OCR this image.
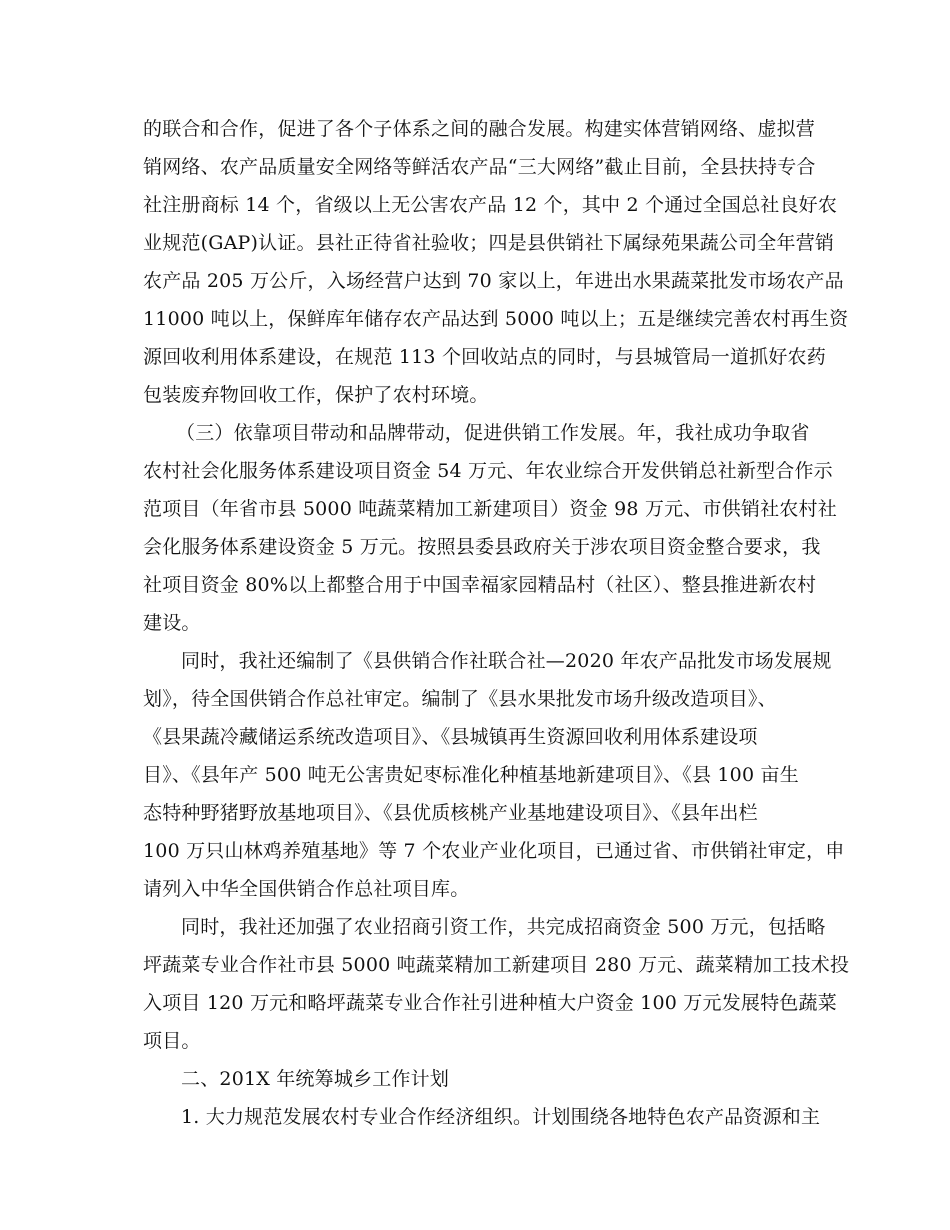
的联合和合作，促进了各个子体系之间的融合发展。构建实体营销网络、虚拟营
销网络、农产品质量安全网络等鲜活农产品“三大网络”截止目前，全县扶持专合
社注册商标 14 个，省级以上无公害农产品 12 个，其中 2 个通过全国总社良好农
业规范(GAP)认证。县社正待省社验收；四是县供销社下属绿苑果蔬公司全年营销
农产品 205 万公斤，入场经营户达到 70 家以上，年进出水果蔬菜批发市场农产品
11000 吨以上，保鲜库年储存农产品达到 5000 吨以上；五是继续完善农村再生资
源回收利用体系建设，在规范 113 个回收站点的同时，与县城管局一道抓好农药
包装废弃物回收工作，保护了农村环境。
（三）依靠项目带动和品牌带动，促进供销工作发展。年，我社成功争取省
农村社会化服务体系建设项目资金 54 万元、年农业综合开发供销总社新型合作示
范项目（年省市县 5000 吨蔬菜精加工新建项目）资金 98 万元、市供销社农村社
会化服务体系建设资金 5 万元。按照县委县政府关于涉农项目资金整合要求，我
社项目资金 80%以上都整合用于中国幸福家园精品村（社区）、整县推进新农村
建设。
同时，我社还编制了《县供销合作社联合社—2020 年农产品批发市场发展规
划》，待全国供销合作总社审定。编制了《县水果批发市场升级改造项目》、
《县果蔬冷藏储运系统改造项目》、《县城镇再生资源回收利用体系建设项
目》、《县年产 500 吨无公害贵妃枣标准化种植基地新建项目》、《县 100 亩生
态特种野猪野放基地项目》、《县优质核桃产业基地建设项目》、《县年出栏
100 万只山林鸡养殖基地》等 7 个农业产业化项目，已通过省、市供销社审定，申
请列入中华全国供销合作总社项目库。
同时，我社还加强了农业招商引资工作，共完成招商资金 500 万元，包括略
坪蔬菜专业合作社市县 5000 吨蔬菜精加工新建项目 280 万元、蔬菜精加工技术投
入项目 120 万元和略坪蔬菜专业合作社引进种植大户资金 100 万元发展特色蔬菜
项目。
二、201X 年统筹城乡工作计划
1. 大力规范发展农村专业合作经济组织。计划围绕各地特色农产品资源和主
